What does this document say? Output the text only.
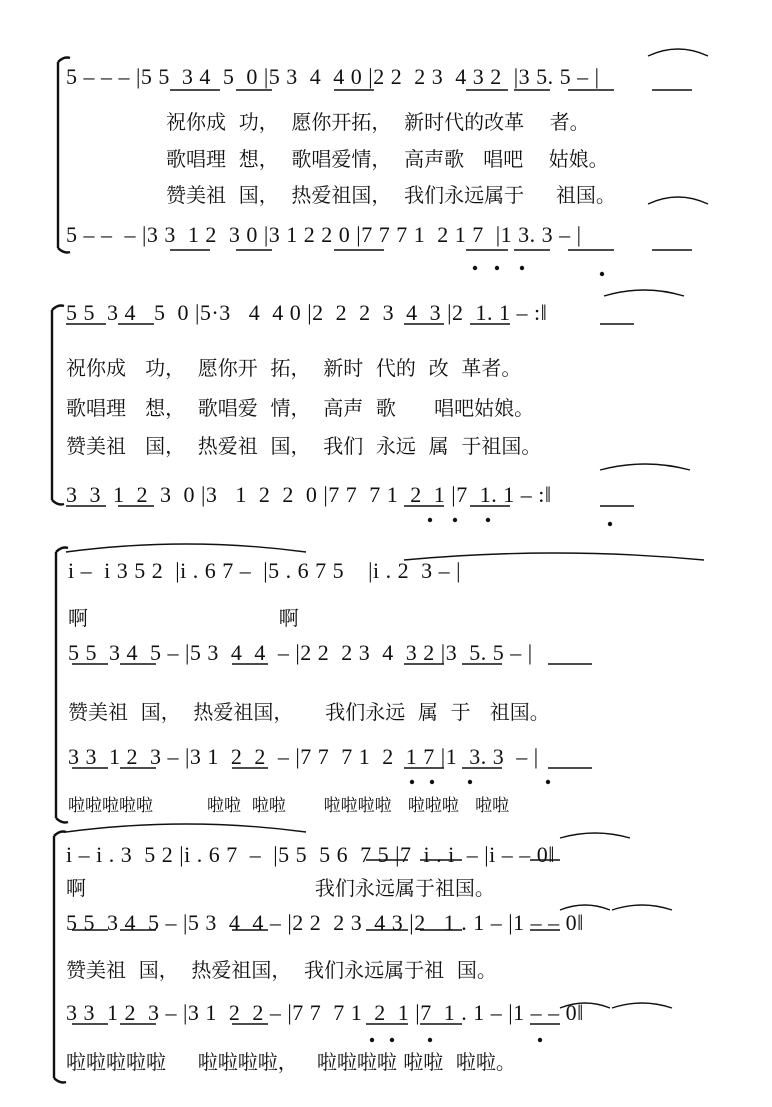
5 – – – |5 5  3 4  5  0 |5 3  4  4 0 |2 2  2 3  4 3 2  |3 5. 5 – |
祝你成  功，  愿你开拓，  新时代的改革    者。
歌唱理  想，  歌唱爱情，  高声歌   唱吧    姑娘。
赞美祖  国，  热爱祖国，  我们永远属于     祖国。
5 – –  – |3 3  1 2  3 0 |3 1 2 2 0 |7 7 7 1  2 1 7  |1 3. 3 – |
5 5  3 4   5  0 |5·3   4  4 0 |2  2  2  3  4  3 |2  1. 1 – :‖
祝你成   功，  愿你开  拓，  新时  代的  改  革者。
歌唱理   想，  歌唱爱  情，  高声  歌      唱吧姑娘。
赞美祖   国，  热爱祖  国，  我们  永远  属  于祖国。
3  3  1  2  3  0 |3   1  2  2  0 |7 7  7 1  2  1 |7  1. 1 – :‖
i –  i 3 5 2  |i . 6 7 –  |5 . 6 7 5    |i . 2  3 – |
啊                              啊
5 5  3 4  5 – |5 3  4  4  – |2 2  2 3  4  3 2 |3  5. 5 – |
赞美祖  国，  热爱祖国，     我们永远  属  于   祖国。
3 3  1 2  3 – |3 1  2  2  – |7 7  7 1  2  1 7 |1  3. 3  – |
啦啦啦啦啦          啦啦  啦啦       啦啦啦啦   啦啦啦   啦啦
i – i . 3  5 2 |i . 6 7  –  |5 5  5 6  7 5 |7  i . i  – |i – – 0‖
啊                                    我们永远属于祖国。
5 5  3 4  5 – |5 3  4  4 – |2 2  2 3  4 3 |2   1 . 1 – |1 – – 0‖
赞美祖  国，  热爱祖国，  我们永远属于祖  国。
3 3  1 2  3 – |3 1  2  2 – |7 7  7 1  2  1 |7  1 . 1 – |1 – – 0‖
啦啦啦啦啦     啦啦啦啦，   啦啦啦啦 啦啦  啦啦。
